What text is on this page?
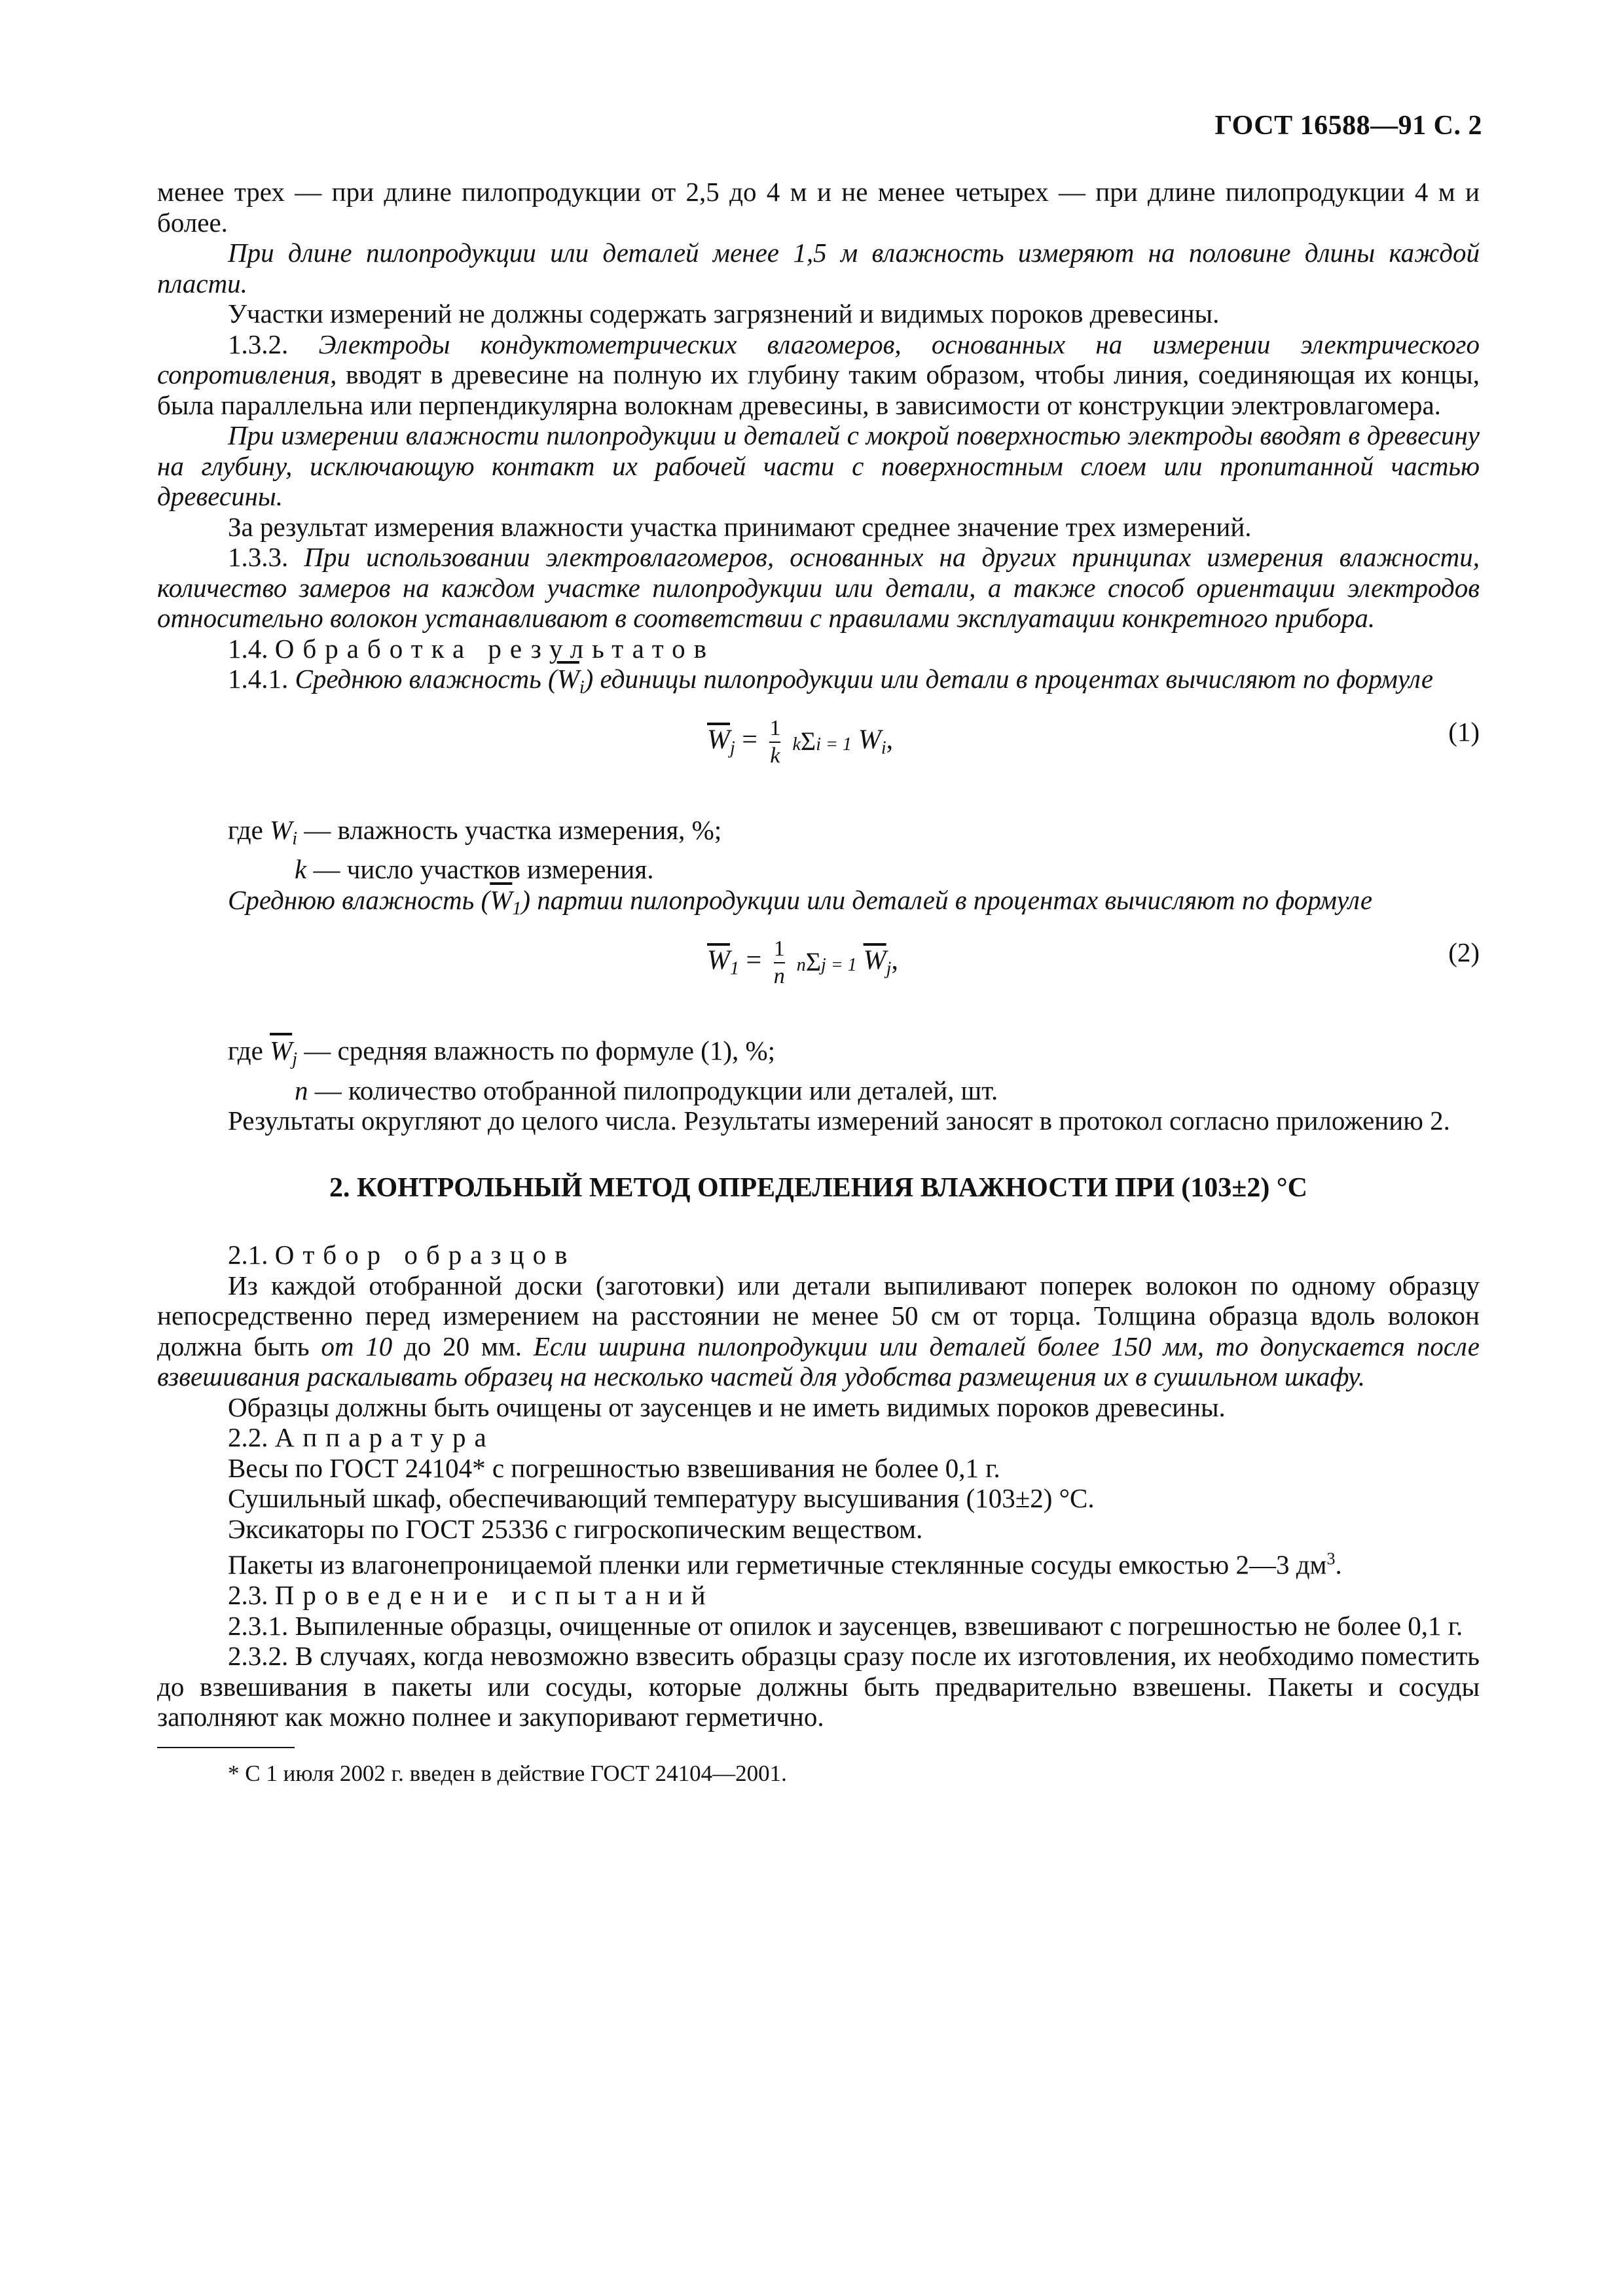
ГОСТ 16588—91 С. 2

менее трех — при длине пилопродукции от 2,5 до 4 м и не менее четырех — при длине пилопродукции 4 м и более.

При длине пилопродукции или деталей менее 1,5 м влажность измеряют на половине длины каждой пласти.

Участки измерений не должны содержать загрязнений и видимых пороков древесины.

1.3.2. Электроды кондуктометрических влагомеров, основанных на измерении электрического сопротивления, вводят в древесине на полную их глубину таким образом, чтобы линия, соединяющая их концы, была параллельна или перпендикулярна волокнам древесины, в зависимости от конструкции электровлагомера.

При измерении влажности пилопродукции и деталей с мокрой поверхностью электроды вводят в древесину на глубину, исключающую контакт их рабочей части с поверхностным слоем или пропитанной частью древесины.

За результат измерения влажности участка принимают среднее значение трех измерений.

1.3.3. При использовании электровлагомеров, основанных на других принципах измерения влажности, количество замеров на каждом участке пилопродукции или детали, а также способ ориентации электродов относительно волокон устанавливают в соответствии с правилами эксплуатации конкретного прибора.

1.4. Обработка результатов

1.4.1. Среднюю влажность $(\overline{W}_i)$ единицы пилопродукции или детали в процентах вычисляют по формуле

$\overline{W}_j = \frac{1}{k}$ kΣi = 1 $W_i$,	(1)

где $W_i$ — влажность участка измерения, %;

k — число участков измерения.

Среднюю влажность $(\overline{W}_1)$ партии пилопродукции или деталей в процентах вычисляют по формуле

$\overline{W}_1 = \frac{1}{n}$ nΣj = 1 $\overline{W}_j$,	(2)

где $\overline{W}_j$ — средняя влажность по формуле (1), %;

n — количество отобранной пилопродукции или деталей, шт.

Результаты округляют до целого числа. Результаты измерений заносят в протокол согласно приложению 2.

2. КОНТРОЛЬНЫЙ МЕТОД ОПРЕДЕЛЕНИЯ ВЛАЖНОСТИ ПРИ (103±2) °С

2.1. Отбор образцов

Из каждой отобранной доски (заготовки) или детали выпиливают поперек волокон по одному образцу непосредственно перед измерением на расстоянии не менее 50 см от торца. Толщина образца вдоль волокон должна быть от 10 до 20 мм. Если ширина пилопродукции или деталей более 150 мм, то допускается после взвешивания раскалывать образец на несколько частей для удобства размещения их в сушильном шкафу.

Образцы должны быть очищены от заусенцев и не иметь видимых пороков древесины.

2.2. Аппаратура

Весы по ГОСТ 24104* с погрешностью взвешивания не более 0,1 г.

Сушильный шкаф, обеспечивающий температуру высушивания (103±2) °С.

Эксикаторы по ГОСТ 25336 с гигроскопическим веществом.

Пакеты из влагонепроницаемой пленки или герметичные стеклянные сосуды емкостью 2—3 $дм^3$.

2.3. Проведение испытаний

2.3.1. Выпиленные образцы, очищенные от опилок и заусенцев, взвешивают с погрешностью не более 0,1 г.

2.3.2. В случаях, когда невозможно взвесить образцы сразу после их изготовления, их необходимо поместить до взвешивания в пакеты или сосуды, которые должны быть предварительно взвешены. Пакеты и сосуды заполняют как можно полнее и закупоривают герметично.

* С 1 июля 2002 г. введен в действие ГОСТ 24104—2001.
